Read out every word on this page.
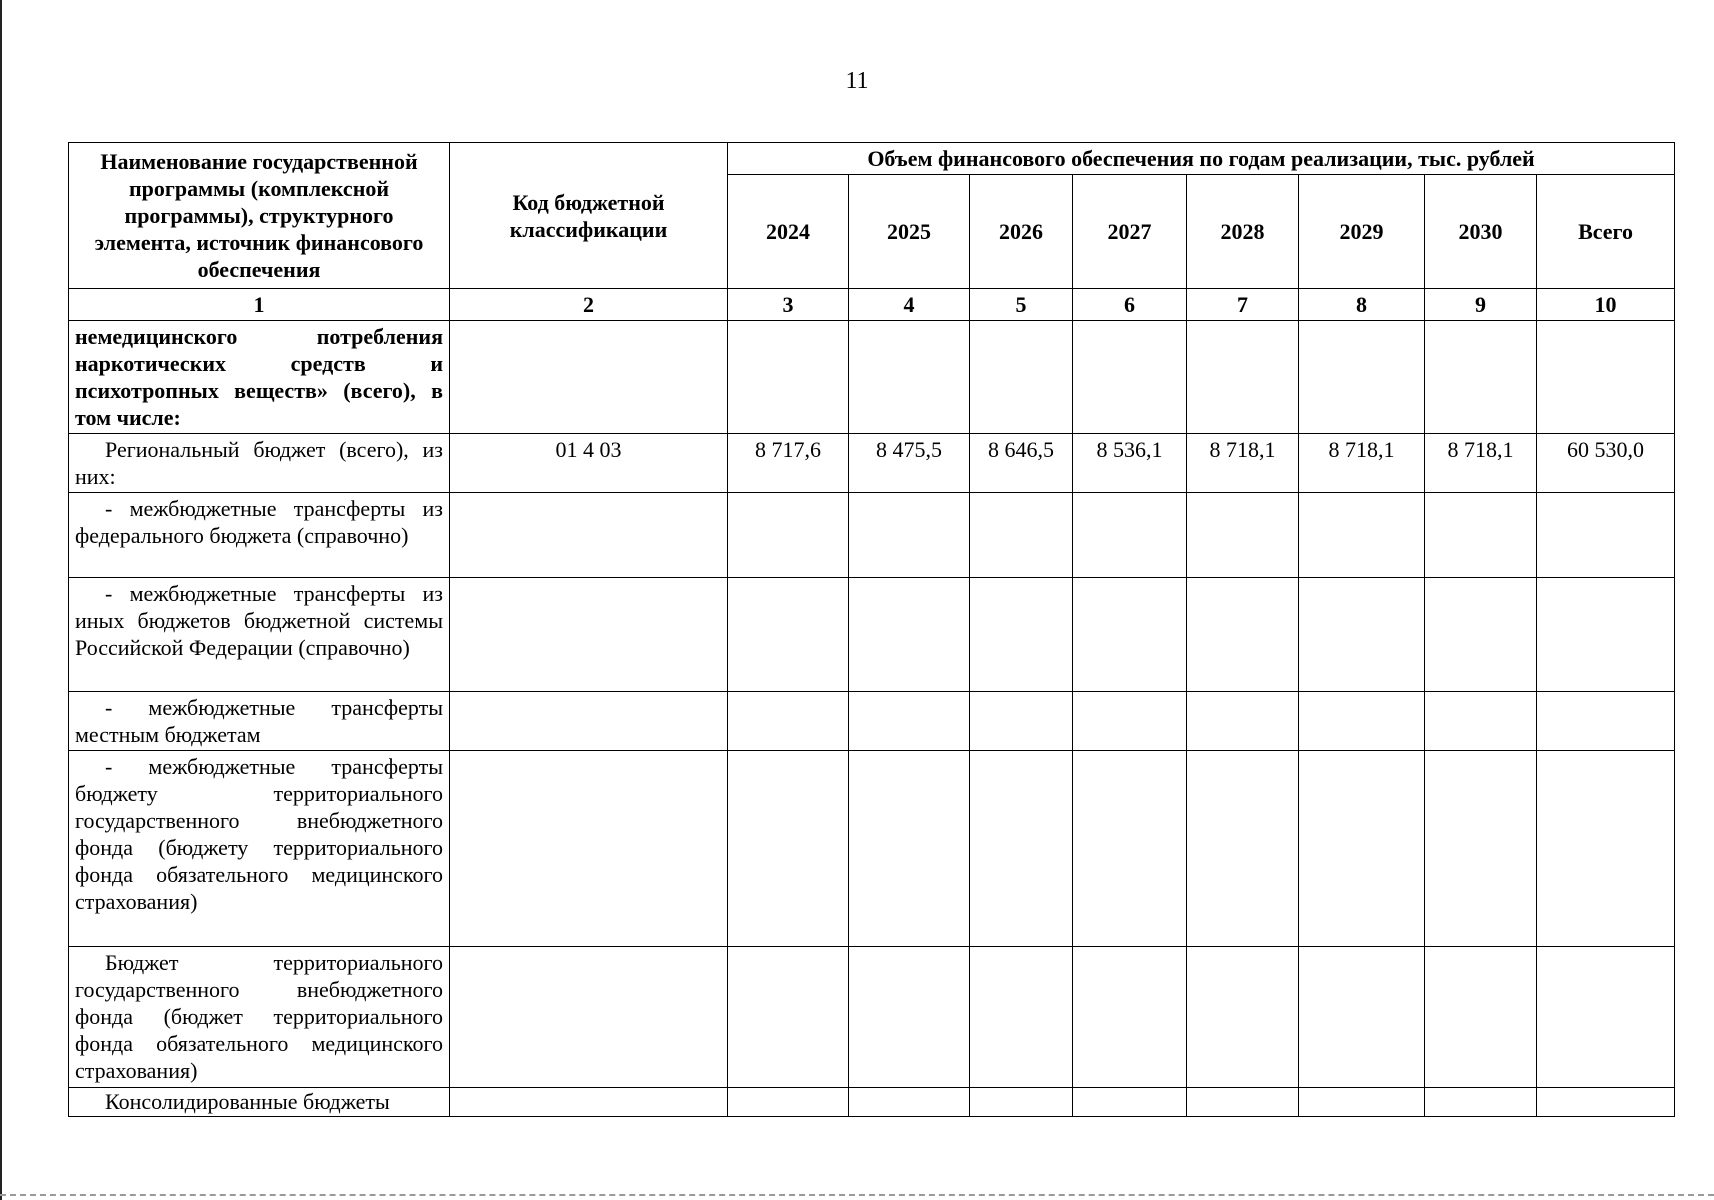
11
Наименование государственной программы (комплексной программы), структурного элемента, источник финансового обеспечения	Код бюджетной классификации	Объем финансового обеспечения по годам реализации, тыс. рублей							
		2024	2025	2026	2027	2028	2029	2030	Всего
1	2	3	4	5	6	7	8	9	10
немедицинского потребления наркотических средств и психотропных веществ» (всего), в том числе:									
Региональный бюджет (всего), из них:	01 4 03	8 717,6	8 475,5	8 646,5	8 536,1	8 718,1	8 718,1	8 718,1	60 530,0
- межбюджетные трансферты из федерального бюджета (справочно)									
- межбюджетные трансферты из иных бюджетов бюджетной системы Российской Федерации (справочно)									
- межбюджетные трансферты местным бюджетам									
- межбюджетные трансферты бюджету территориального государственного внебюджетного фонда (бюджету территориального фонда обязательного медицинского страхования)									
Бюджет территориального государственного внебюджетного фонда (бюджет территориального фонда обязательного медицинского страхования)									
Консолидированные бюджеты									
